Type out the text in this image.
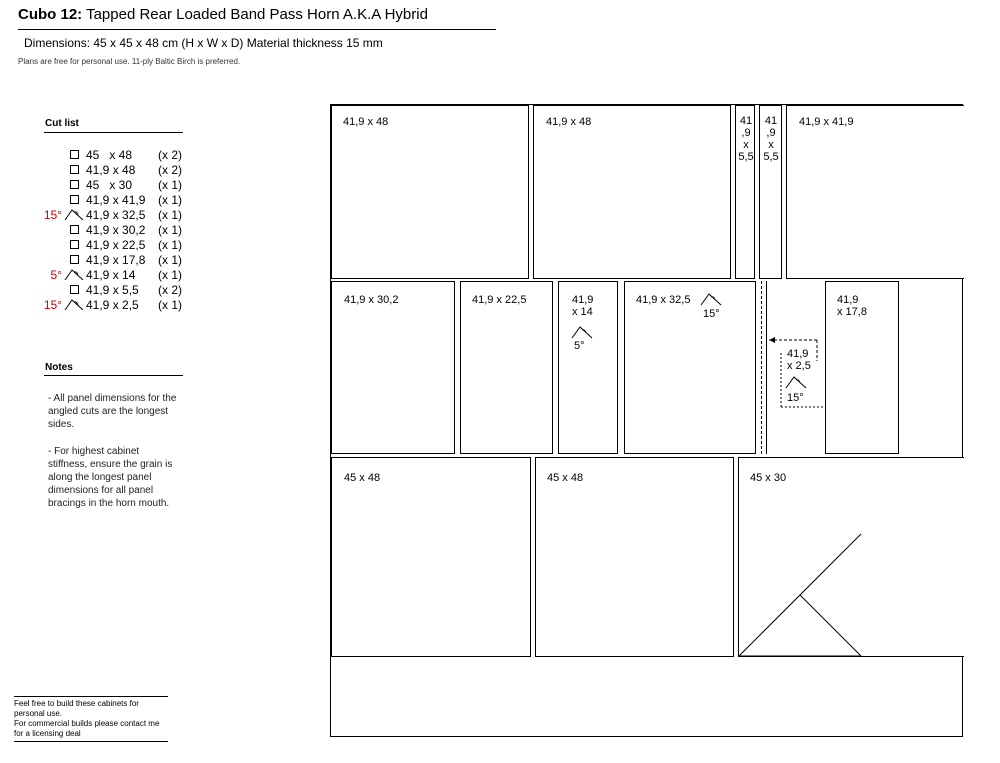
Cubo 12: Tapped Rear Loaded Band Pass Horn A.K.A Hybrid
Dimensions: 45 x 45 x 48 cm (H x W x D) Material thickness 15 mm
Plans are free for personal use. 11-ply Baltic Birch is preferred.
Cut list
45   x 48 (x 2)
41,9 x 48 (x 2)
45   x 30 (x 1)
41,9 x 41,9 (x 1)
15° 41,9 x 32,5 (x 1)
41,9 x 30,2 (x 1)
41,9 x 22,5 (x 1)
41,9 x 17,8 (x 1)
5° 41,9 x 14 (x 1)
41,9 x 5,5 (x 2)
15° 41,9 x 2,5 (x 1)
Notes
- All panel dimensions for the angled cuts are the longest sides.
- For highest cabinet stiffness, ensure the grain is along the longest panel dimensions for all panel bracings in the horn mouth.
Feel free to build these cabinets for personal use.
For commercial builds please contact me for a licensing deal
41,9 x 48	41,9 x 48	41
,9
x
5,5
41
,9
x
5,5
41,9 x 41,9
41,9 x 30,2	41,9 x 22,5	41,9
x 14
5°
41,9 x 32,5
15°
41,9
x 17,8
41,9
x 2,5
15°
45 x 48	45 x 48	45 x 30
